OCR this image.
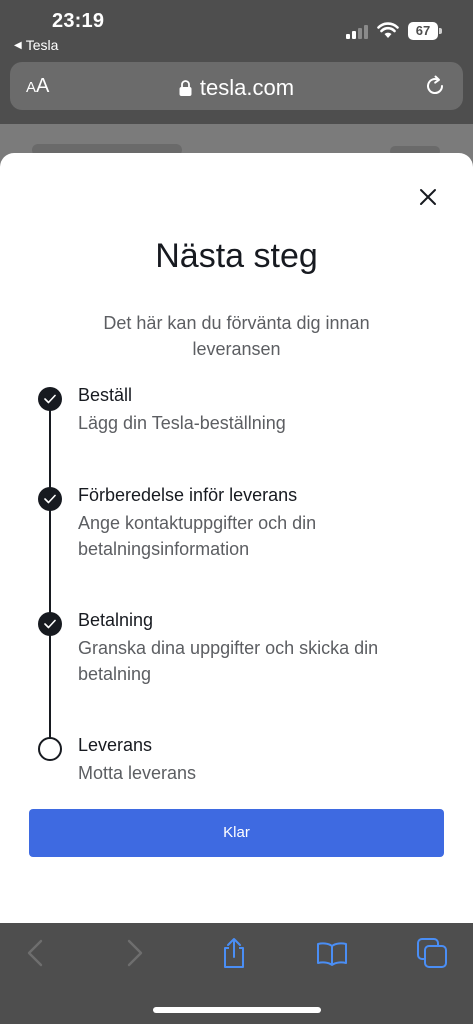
23:19
◀ Tesla
67
AA	tesla.com
Nästa steg
Det här kan du förvänta dig innan leveransen
Beställ
Lägg din Tesla-beställning
Förberedelse inför leverans
Ange kontaktuppgifter och din betalningsinformation
Betalning
Granska dina uppgifter och skicka din betalning
Leverans
Motta leverans
Klar
